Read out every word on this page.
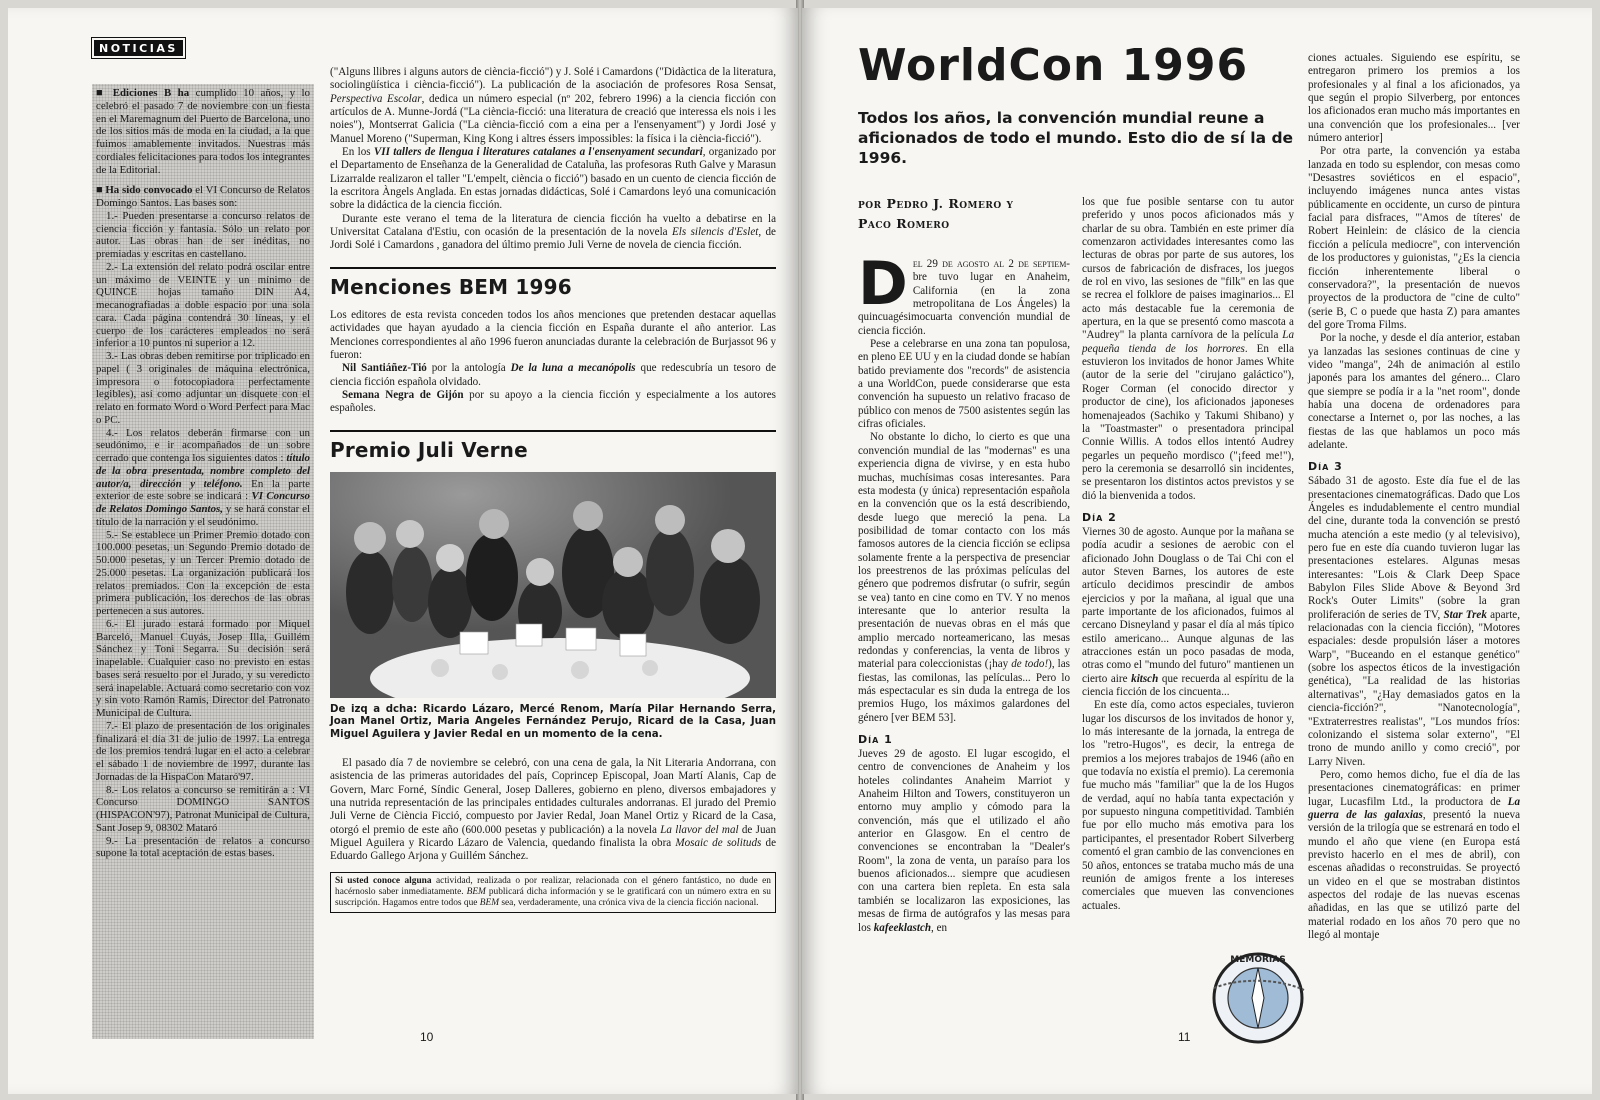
NOTICIAS

■ Ediciones B ha cumplido 10 años, y lo celebró el pasado 7 de noviembre con un fiesta en el Maremagnum del Puerto de Barcelona, uno de los sitios más de moda en la ciudad, a la que fuimos amablemente invitados. Nuestras más cordiales felicitaciones para todos los integrantes de la Editorial.

■ Ha sido convocado el VI Concurso de Relatos Domingo Santos. Las bases son:

1.- Pueden presentarse a concurso relatos de ciencia ficción y fantasía. Sólo un relato por autor. Las obras han de ser inéditas, no premiadas y escritas en castellano.

2.- La extensión del relato podrá oscilar entre un máximo de VEINTE y un mínimo de QUINCE hojas tamaño DIN A4, mecanografiadas a doble espacio por una sola cara. Cada página contendrá 30 líneas, y el cuerpo de los carácteres empleados no será inferior a 10 puntos ni superior a 12.

3.- Las obras deben remitirse por triplicado en papel ( 3 originales de máquina electrónica, impresora o fotocopiadora perfectamente legibles), así como adjuntar un disquete con el relato en formato Word o Word Perfect para Mac o PC.

4.- Los relatos deberán firmarse con un seudónimo, e ir acompañados de un sobre cerrado que contenga los siguientes datos : título de la obra presentada, nombre completo del autor/a, dirección y teléfono. En la parte exterior de este sobre se indicará : VI Concurso de Relatos Domingo Santos, y se hará constar el título de la narración y el seudónimo.

5.- Se establece un Primer Premio dotado con 100.000 pesetas, un Segundo Premio dotado de 50.000 pesetas, y un Tercer Premio dotado de 25.000 pesetas. La organización publicará los relatos premiados. Con la excepción de esta primera publicación, los derechos de las obras pertenecen a sus autores.

6.- El jurado estará formado por Miquel Barceló, Manuel Cuyás, Josep Illa, Guillém Sánchez y Toni Segarra. Su decisión será inapelable. Cualquier caso no previsto en estas bases será resuelto por el Jurado, y su veredicto será inapelable. Actuará como secretario con voz y sin voto Ramón Ramis, Director del Patronato Municipal de Cultura.

7.- El plazo de presentación de los originales finalizará el día 31 de julio de 1997. La entrega de los premios tendrá lugar en el acto a celebrar el sábado 1 de noviembre de 1997, durante las Jornadas de la HispaCon Mataró'97.

8.- Los relatos a concurso se remitirán a : VI Concurso DOMINGO SANTOS (HISPACON'97), Patronat Municipal de Cultura, Sant Josep 9, 08302 Mataró

9.- La presentación de relatos a concurso supone la total aceptación de estas bases.

("Alguns llibres i alguns autors de ciència-ficció") y J. Solé i Camardons ("Didàctica de la literatura, sociolingüística i ciència-ficció"). La publicación de la asociación de profesores Rosa Sensat, Perspectiva Escolar, dedica un número especial (nº 202, febrero 1996) a la ciencia ficción con artículos de A. Munne-Jordá ("La ciència-ficció: una literatura de creació que interessa els nois i les noies"), Montserrat Galicia ("La ciència-ficció com a eina per a l'ensenyament") y Jordi José y Manuel Moreno ("Superman, King Kong i altres éssers impossibles: la física i la ciència-ficció").

En los VII tallers de llengua i literatures catalanes a l'ensenyament secundari, organizado por el Departamento de Enseñanza de la Generalidad de Cataluña, las profesoras Ruth Galve y Marasun Lizarralde realizaron el taller "L'empelt, ciència o ficció") basado en un cuento de ciencia ficción de la escritora Àngels Anglada. En estas jornadas didácticas, Solé i Camardons leyó una comunicación sobre la didáctica de la ciencia ficción.

Durante este verano el tema de la literatura de ciencia ficción ha vuelto a debatirse en la Universitat Catalana d'Estiu, con ocasión de la presentación de la novela Els silencis d'Eslet, de Jordi Solé i Camardons , ganadora del último premio Juli Verne de novela de ciencia ficción.

Menciones BEM 1996

Los editores de esta revista conceden todos los años menciones que pretenden destacar aquellas actividades que hayan ayudado a la ciencia ficción en España durante el año anterior. Las Menciones correspondientes al año 1996 fueron anunciadas durante la celebración de Burjassot 96 y fueron:

Nil Santiáñez-Tió por la antología De la luna a mecanópolis que redescubría un tesoro de ciencia ficción española olvidado.

Semana Negra de Gijón por su apoyo a la ciencia ficción y especialmente a los autores españoles.

Premio Juli Verne

De izq a dcha: Ricardo Lázaro, Mercé Renom, María Pilar Hernando Serra, Joan Manel Ortiz, Maria Angeles Fernández Perujo, Ricard de la Casa, Juan Miguel Aguilera y Javier Redal en un momento de la cena.

El pasado día 7 de noviembre se celebró, con una cena de gala, la Nit Literaria Andorrana, con asistencia de las primeras autoridades del país, Coprincep Episcopal, Joan Martí Alanis, Cap de Govern, Marc Forné, Síndic General, Josep Dalleres, gobierno en pleno, diversos embajadores y una nutrida representación de las principales entidades culturales andorranas. El jurado del Premio Juli Verne de Ciència Ficció, compuesto por Javier Redal, Joan Manel Ortiz y Ricard de la Casa, otorgó el premio de este año (600.000 pesetas y publicación) a la novela La llavor del mal de Juan Miguel Aguilera y Ricardo Lázaro de Valencia, quedando finalista la obra Mosaic de solituds de Eduardo Gallego Arjona y Guillém Sánchez.

Si usted conoce alguna actividad, realizada o por realizar, relacionada con el género fantástico, no dude en hacérnoslo saber inmediatamente. BEM publicará dicha información y se le gratificará con un número extra en su suscripción. Hagamos entre todos que BEM sea, verdaderamente, una crónica viva de la ciencia ficción nacional.

10
WorldCon 1996
Todos los años, la convención mundial reune a aficionados de todo el mundo. Esto dio de sí la de 1996.
por Pedro J. Romero y
Paco Romero

Del 29 de agosto al 2 de septiem- bre tuvo lugar en Anaheim, California (en la zona metropolitana de Los Ángeles) la quincuagésimocuarta convención mundial de ciencia ficción.

Pese a celebrarse en una zona tan populosa, en pleno EE UU y en la ciudad donde se habían batido previamente dos "records" de asistencia a una WorldCon, puede considerarse que esta convención ha supuesto un relativo fracaso de público con menos de 7500 asistentes según las cifras oficiales.

No obstante lo dicho, lo cierto es que una convención mundial de las "modernas" es una experiencia digna de vivirse, y en esta hubo muchas, muchísimas cosas interesantes. Para esta modesta (y única) representación española en la convención que os la está describiendo, desde luego que mereció la pena. La posibilidad de tomar contacto con los más famosos autores de la ciencia ficción se eclipsa solamente frente a la perspectiva de presenciar los preestrenos de las próximas películas del género que podremos disfrutar (o sufrir, según se vea) tanto en cine como en TV. Y no menos interesante que lo anterior resulta la presentación de nuevas obras en el más que amplio mercado norteamericano, las mesas redondas y conferencias, la venta de libros y material para coleccionistas (¡hay de todo!), las fiestas, las comilonas, las películas... Pero lo más espectacular es sin duda la entrega de los premios Hugo, los máximos galardones del género [ver BEM 53].

Día 1

Jueves 29 de agosto. El lugar escogido, el centro de convenciones de Anaheim y los hoteles colindantes Anaheim Marriot y Anaheim Hilton and Towers, constituyeron un entorno muy amplio y cómodo para la convención, más que el utilizado el año anterior en Glasgow. En el centro de convenciones se encontraban la "Dealer's Room", la zona de venta, un paraíso para los buenos aficionados... siempre que acudiesen con una cartera bien repleta. En esta sala también se localizaron las exposiciones, las mesas de firma de autógrafos y las mesas para los kafeeklastch, en

los que fue posible sentarse con tu autor preferido y unos pocos aficionados más y charlar de su obra. También en este primer día comenzaron actividades interesantes como las lecturas de obras por parte de sus autores, los cursos de fabricación de disfraces, los juegos de rol en vivo, las sesiones de "filk" en las que se recrea el folklore de paises imaginarios... El acto más destacable fue la ceremonia de apertura, en la que se presentó como mascota a "Audrey" la planta carnívora de la película La pequeña tienda de los horrores. En ella estuvieron los invitados de honor James White (autor de la serie del "cirujano galáctico"), Roger Corman (el conocido director y productor de cine), los aficionados japoneses homenajeados (Sachiko y Takumi Shibano) y la "Toastmaster" o presentadora principal Connie Willis. A todos ellos intentó Audrey pegarles un pequeño mordisco ("¡feed me!"), pero la ceremonia se desarrolló sin incidentes, se presentaron los distintos actos previstos y se dió la bienvenida a todos.

Día 2

Viernes 30 de agosto. Aunque por la mañana se podía acudir a sesiones de aerobic con el aficionado John Douglass o de Tai Chi con el autor Steven Barnes, los autores de este artículo decidimos prescindir de ambos ejercicios y por la mañana, al igual que una parte importante de los aficionados, fuimos al cercano Disneyland y pasar el día al más típico estilo americano... Aunque algunas de las atracciones están un poco pasadas de moda, otras como el "mundo del futuro" mantienen un cierto aire kitsch que recuerda al espíritu de la ciencia ficción de los cincuenta...

En este día, como actos especiales, tuvieron lugar los discursos de los invitados de honor y, lo más interesante de la jornada, la entrega de los "retro-Hugos", es decir, la entrega de premios a los mejores trabajos de 1946 (año en que todavía no existía el premio). La ceremonia fue mucho más "familiar" que la de los Hugos de verdad, aquí no había tanta expectación y por supuesto ninguna competitividad. También fue por ello mucho más emotiva para los participantes, el presentador Robert Silverberg comentó el gran cambio de las convenciones en 50 años, entonces se trataba mucho más de una reunión de amigos frente a los intereses comerciales que mueven las convenciones actuales.

ciones actuales. Siguiendo ese espíritu, se entregaron primero los premios a los profesionales y al final a los aficionados, ya que según el propio Silverberg, por entonces los aficionados eran mucho más importantes en una convención que los profesionales... [ver número anterior]

Por otra parte, la convención ya estaba lanzada en todo su esplendor, con mesas como "Desastres soviéticos en el espacio", incluyendo imágenes nunca antes vistas públicamente en occidente, un curso de pintura facial para disfraces, "'Amos de títeres' de Robert Heinlein: de clásico de la ciencia ficción a película mediocre", con intervención de los productores y guionistas, "¿Es la ciencia ficción inherentemente liberal o conservadora?", la presentación de nuevos proyectos de la productora de "cine de culto" (serie B, C o puede que hasta Z) para amantes del gore Troma Films.

Por la noche, y desde el día anterior, estaban ya lanzadas las sesiones continuas de cine y video "manga", 24h de animación al estilo japonés para los amantes del género... Claro que siempre se podía ir a la "net room", donde había una docena de ordenadores para conectarse a Internet o, por las noches, a las fiestas de las que hablamos un poco más adelante.

Día 3

Sábado 31 de agosto. Este día fue el de las presentaciones cinematográficas. Dado que Los Ángeles es indudablemente el centro mundial del cine, durante toda la convención se prestó mucha atención a este medio (y al televisivo), pero fue en este día cuando tuvieron lugar las presentaciones estelares. Algunas mesas interesantes: "Lois & Clark Deep Space Babylon Files Slide Above & Beyond 3rd Rock's Outer Limits" (sobre la gran proliferación de series de TV, Star Trek aparte, relacionadas con la ciencia ficción), "Motores espaciales: desde propulsión láser a motores Warp", "Buceando en el estanque genético" (sobre los aspectos éticos de la investigación genética), "La realidad de las historias alternativas", "¿Hay demasiados gatos en la ciencia-ficción?", "Nanotecnología", "Extraterrestres realistas", "Los mundos fríos: colonizando el sistema solar externo", "El trono de mundo anillo y como creció", por Larry Niven.

Pero, como hemos dicho, fue el día de las presentaciones cinematográficas: en primer lugar, Lucasfilm Ltd., la productora de La guerra de las galaxias, presentó la nueva versión de la trilogía que se estrenará en todo el mundo el año que viene (en Europa está previsto hacerlo en el mes de abril), con escenas añadidas o reconstruidas. Se proyectó un video en el que se mostraban distintos aspectos del rodaje de las nuevas escenas añadidas, en las que se utilizó parte del material rodado en los años 70 pero que no llegó al montaje

MEMORIAS
11
